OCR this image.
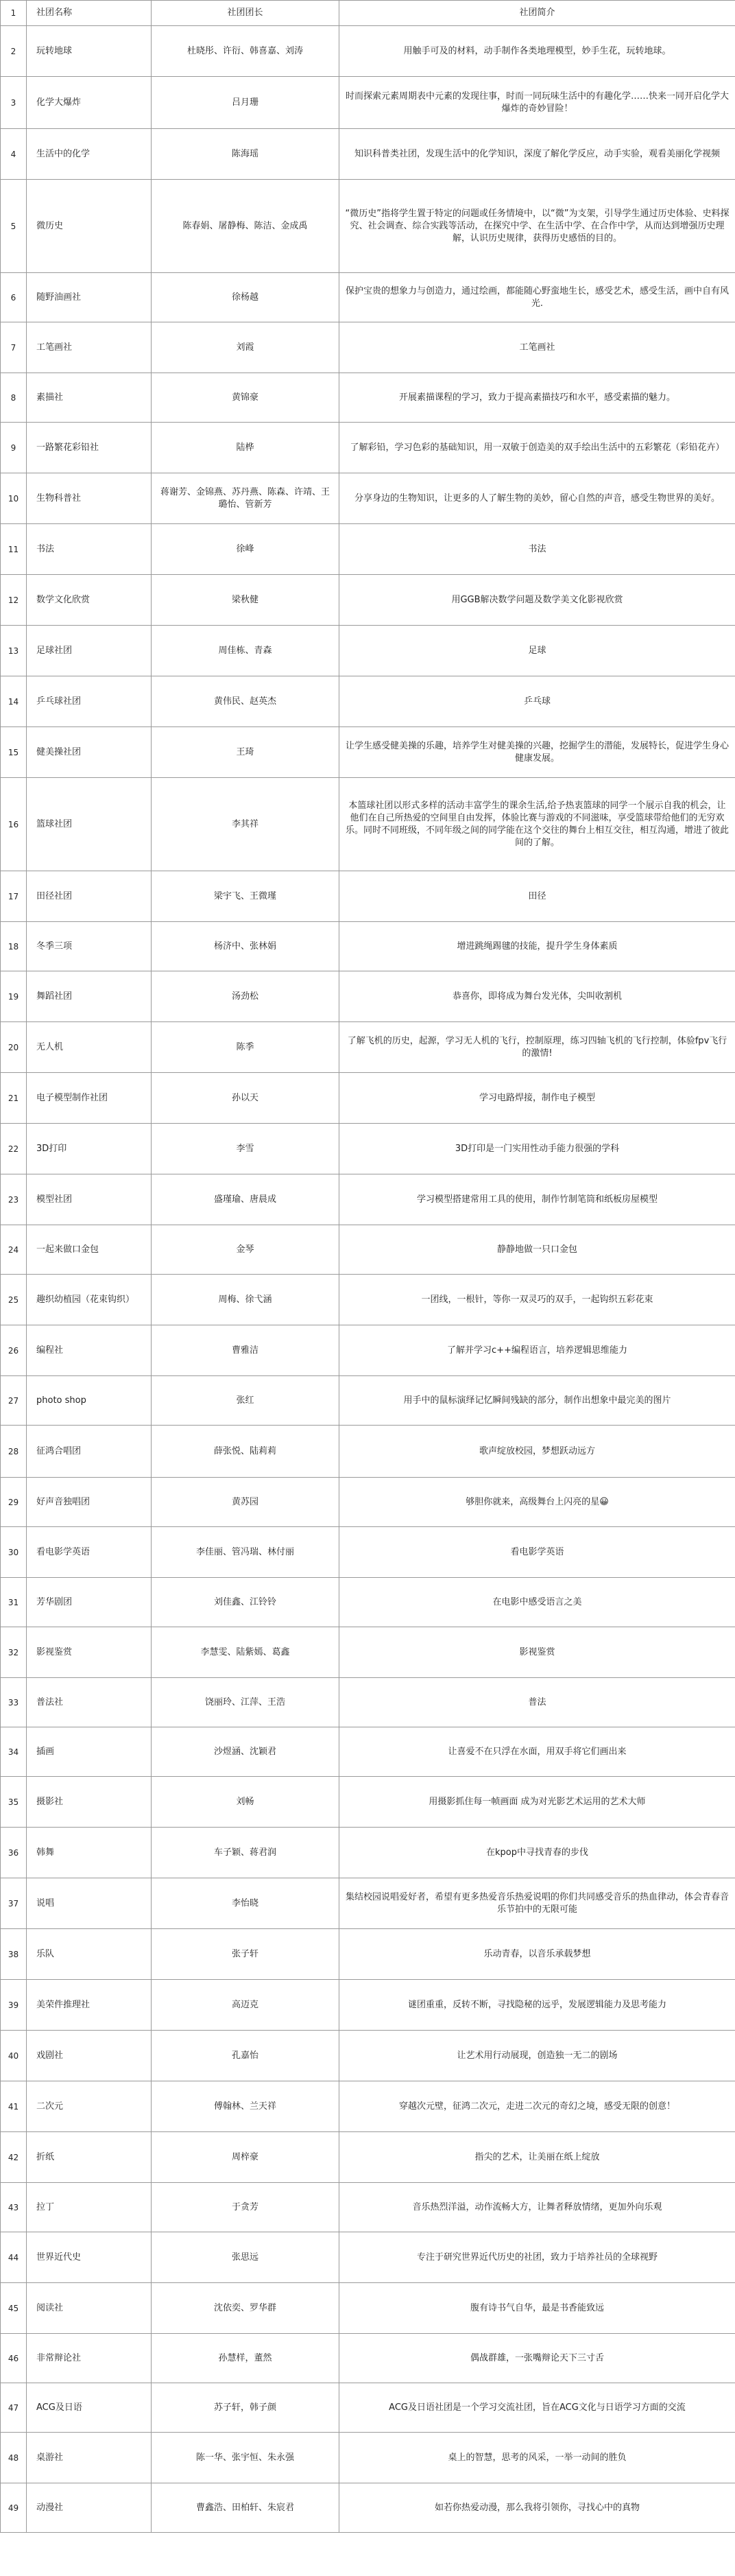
1	社团名称	社团团长	社团简介
2	玩转地球	杜晓彤、许衍、韩喜嘉、刘涛	用触手可及的材料，动手制作各类地理模型，妙手生花，玩转地球。
3	化学大爆炸	吕月珊	时而探索元素周期表中元素的发现往事，时而一同玩味生活中的有趣化学……快来一同开启化学大爆炸的奇妙冒险！
4	生活中的化学	陈海瑶	知识科普类社团，发现生活中的化学知识，深度了解化学反应，动手实验，观看美丽化学视频
5	微历史	陈春娟、屠静梅、陈洁、金成禹	“微历史”指将学生置于特定的问题或任务情境中，以“微”为支架，引导学生通过历史体验、史料探究、社会调查、综合实践等活动，在探究中学、在生活中学、在合作中学，从而达到增强历史理解，认识历史规律，获得历史感悟的目的。
6	随野油画社	徐杨越	保护宝贵的想象力与创造力，通过绘画，都能随心野蛮地生长，感受艺术，感受生活，画中自有风光.
7	工笔画社	刘霞	工笔画社
8	素描社	黄锦豪	开展素描课程的学习，致力于提高素描技巧和水平，感受素描的魅力。
9	一路繁花彩铅社	陆桦	了解彩铅，学习色彩的基础知识，用一双敏于创造美的双手绘出生活中的五彩繁花（彩铅花卉）
10	生物科普社	蒋谢芳、金锦燕、苏丹燕、陈森、许靖、王璐怡、管新芳	分享身边的生物知识，让更多的人了解生物的美妙，留心自然的声音，感受生物世界的美好。
11	书法	徐峰	书法
12	数学文化欣赏	梁秋健	用GGB解决数学问题及数学美文化影视欣赏
13	足球社团	周佳栋、青森	足球
14	乒乓球社团	黄伟民、赵英杰	乒乓球
15	健美操社团	王琦	让学生感受健美操的乐趣，培养学生对健美操的兴趣，挖掘学生的潜能，发展特长，促进学生身心健康发展。
16	篮球社团	李其祥	本篮球社团以形式多样的活动丰富学生的课余生活,给予热衷篮球的同学一个展示自我的机会，让他们在自己所热爱的空间里自由发挥，体验比赛与游戏的不同滋味，享受篮球带给他们的无穷欢乐。同时不同班级，不同年级之间的同学能在这个交往的舞台上相互交往，相互沟通，增进了彼此间的了解。
17	田径社团	梁宇飞、王微瑾	田径
18	冬季三项	杨济中、张林娟	增进跳绳踢毽的技能，提升学生身体素质
19	舞蹈社团	汤劲松	恭喜你，即将成为舞台发光体，尖叫收割机
20	无人机	陈季	了解飞机的历史，起源，学习无人机的飞行，控制原理，练习四轴飞机的飞行控制，体验fpv飞行的激情!
21	电子模型制作社团	孙以天	学习电路焊接，制作电子模型
22	3D打印	李雪	3D打印是一门实用性动手能力很强的学科
23	模型社团	盛瑾瑜、唐晨成	学习模型搭建常用工具的使用，制作竹制笔筒和纸板房屋模型
24	一起来做口金包	金琴	静静地做一只口金包
25	趣织幼植园（花束钩织）	周梅、徐弋涵	一团线，一根针，等你一双灵巧的双手，一起钩织五彩花束
26	编程社	曹雅洁	了解并学习c++编程语言，培养逻辑思维能力
27	photo shop	张红	用手中的鼠标演绎记忆瞬间残缺的部分，制作出想象中最完美的图片
28	征鸿合唱团	薛张悦、陆莉莉	歌声绽放校园，梦想跃动远方
29	好声音独唱团	黄苏园	够胆你就来，高级舞台上闪亮的星😀
30	看电影学英语	李佳丽、管冯瑞、林付丽	看电影学英语
31	芳华剧团	刘佳鑫、江铃铃	在电影中感受语言之美
32	影视鉴赏	李慧雯、陆紫嫣、葛鑫	影视鉴赏
33	普法社	饶丽玲、江萍、王浩	普法
34	插画	沙煜涵、沈颖君	让喜爱不在只浮在水面，用双手将它们画出来
35	摄影社	刘畅	用摄影抓住每一帧画面 成为对光影艺术运用的艺术大师
36	韩舞	车子颖、蒋君润	在kpop中寻找青春的步伐
37	说唱	李怡晓	集结校园说唱爱好者，希望有更多热爱音乐热爱说唱的你们共同感受音乐的热血律动，体会青春音乐节拍中的无限可能
38	乐队	张子轩	乐动青春，以音乐承载梦想
39	美荣件推理社	高迈克	谜团重重，反转不断，寻找隐秘的远乎，发展逻辑能力及思考能力
40	戏剧社	孔嘉怡	让艺术用行动展现，创造独一无二的剧场
41	二次元	傅翰林、兰天祥	穿越次元壁，征鸿二次元，走进二次元的奇幻之境，感受无限的创意！
42	折纸	周梓豪	指尖的艺术，让美丽在纸上绽放
43	拉丁	于贪芳	音乐热烈洋溢，动作流畅大方，让舞者释放情绪，更加外向乐观
44	世界近代史	张思远	专注于研究世界近代历史的社团，致力于培养社员的全球视野
45	阅读社	沈依奕、罗华群	腹有诗书气自华，最是书香能致远
46	非常辩论社	孙慧样，董然	偶战群雄，一张嘴辩论天下三寸舌
47	ACG及日语	苏子轩，韩子颜	ACG及日语社团是一个学习交流社团，旨在ACG文化与日语学习方面的交流
48	桌游社	陈一华、张宇恒、朱永强	桌上的智慧，思考的风采，一举一动间的胜负
49	动漫社	曹鑫浩、田柏轩、朱宸君	如若你热爱动漫，那么我将引领你，寻找心中的真物
